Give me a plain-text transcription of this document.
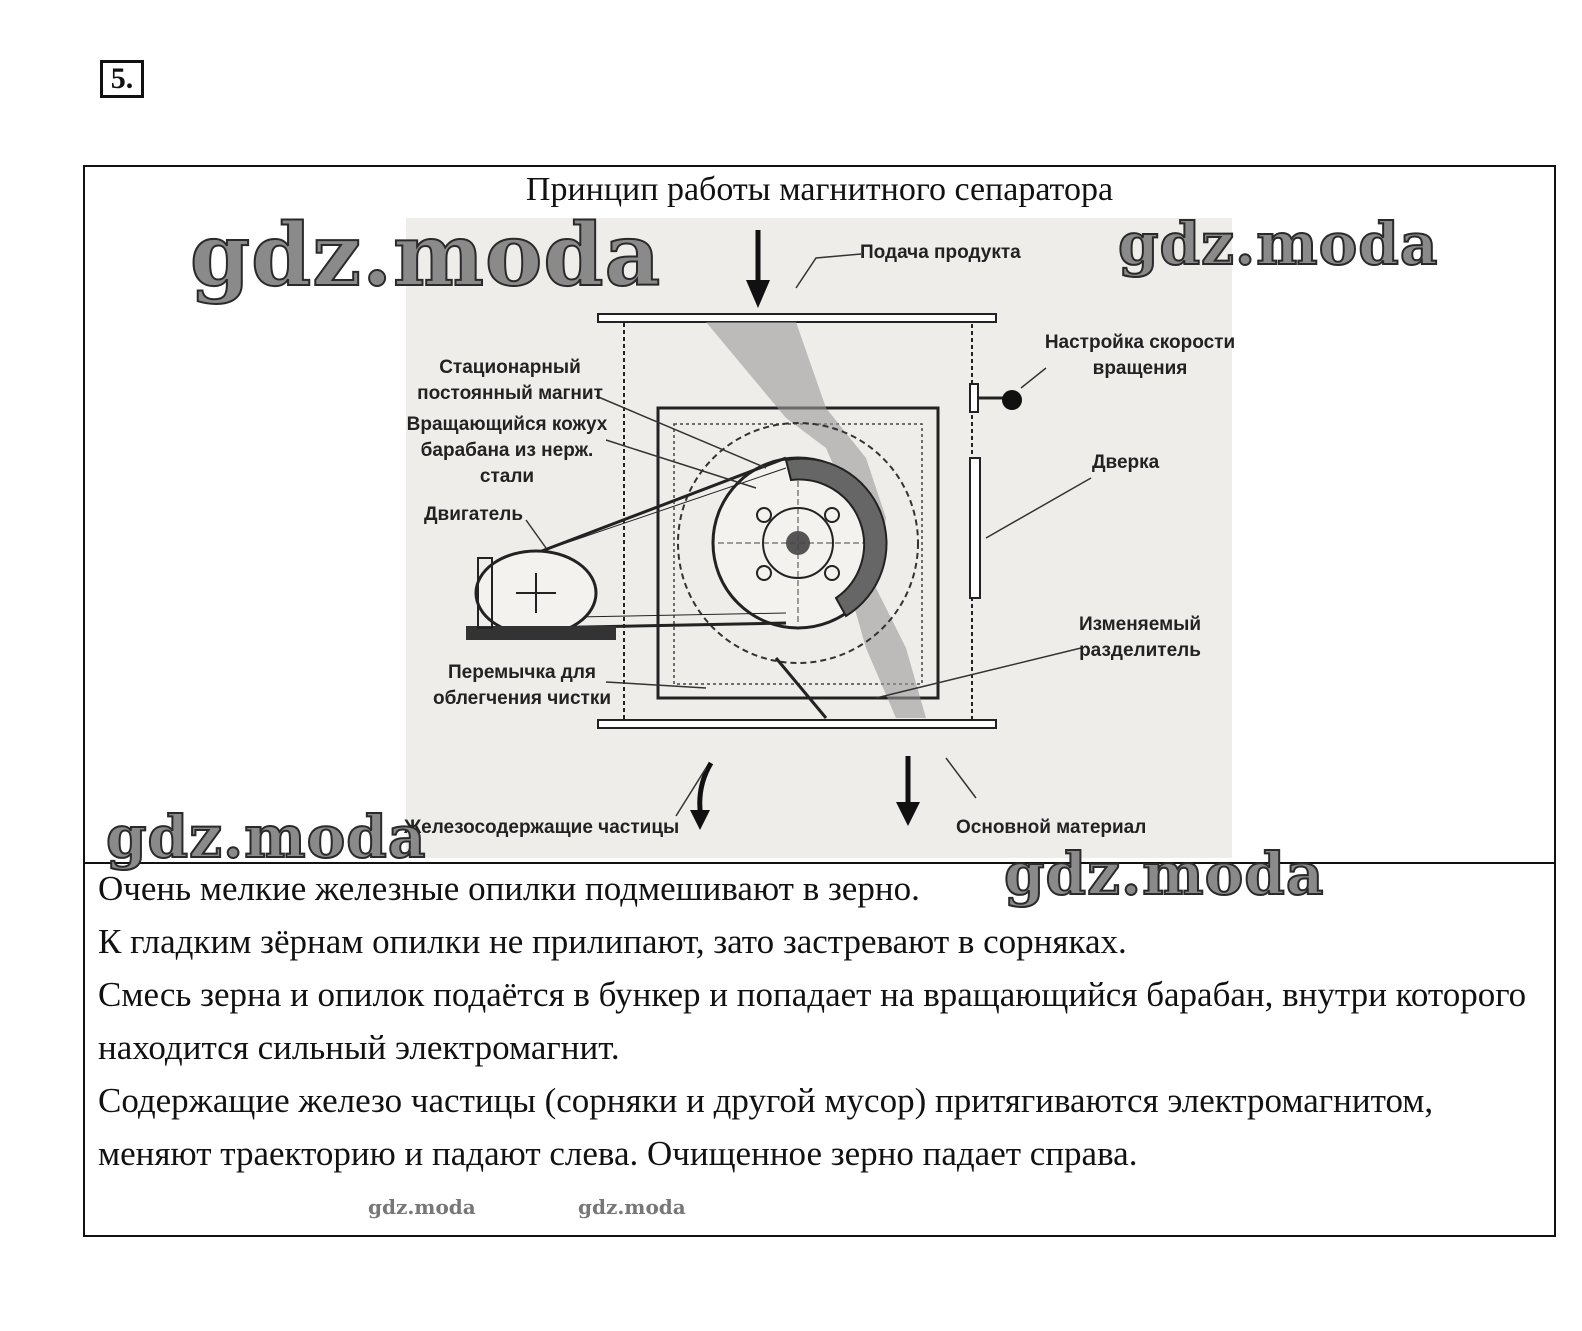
5.
Принцип работы магнитного сепаратора
Подача продукта
Настройка скорости
вращения
Стационарный
постоянный магнит
Вращающийся кожух
барабана из нерж.
стали
Дверка
Двигатель
Изменяемый
разделитель
Перемычка для
облегчения чистки
Железосодержащие частицы	Основной материал
gdz.moda	gdz.moda
gdz.moda
gdz.moda
gdz.moda	gdz.moda

Очень мелкие железные опилки подмешивают в зерно.

К гладким зёрнам опилки не прилипают, зато застревают в сорняках.

Смесь зерна и опилок подаётся в бункер и попадает на вращающийся барабан, внутри которого находится сильный электромагнит.

Содержащие железо частицы (сорняки и другой мусор) притягиваются электромагнитом, меняют траекторию и падают слева. Очищенное зерно падает справа.
